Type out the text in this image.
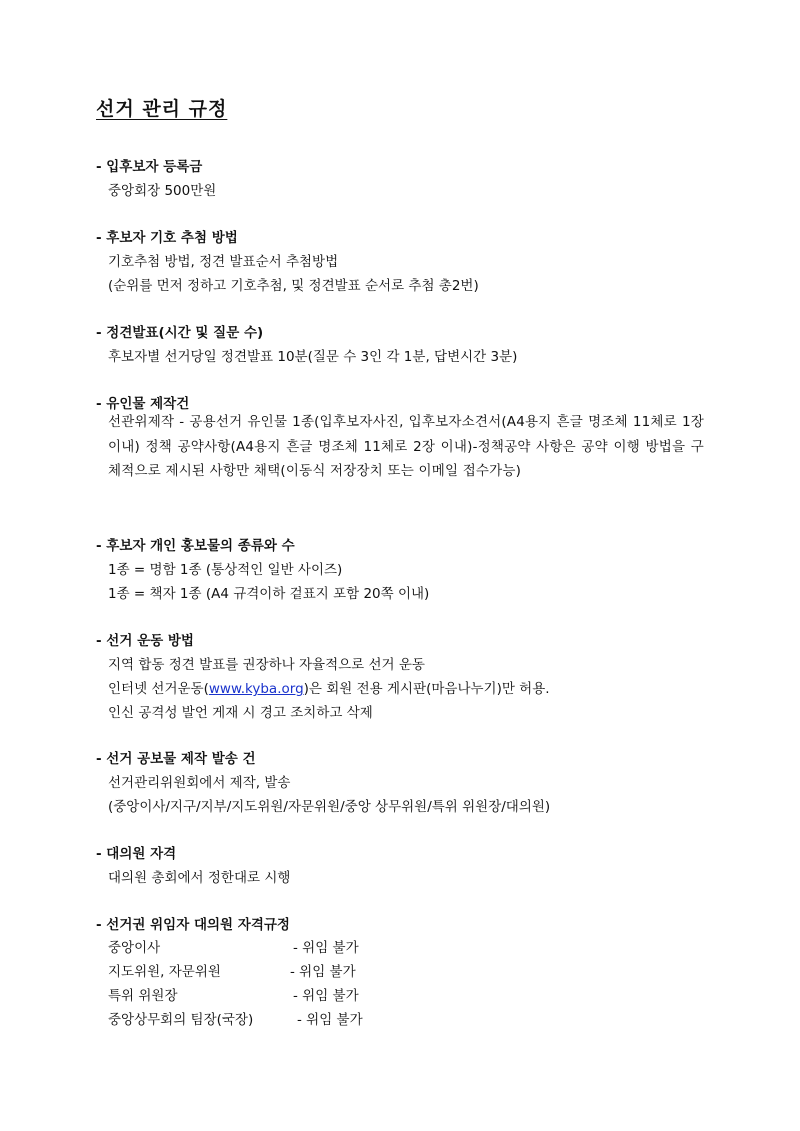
선거 관리 규정
- 입후보자 등록금
중앙회장 500만원
- 후보자 기호 추첨 방법
기호추첨 방법, 정견 발표순서 추첨방법
(순위를 먼저 정하고 기호추첨, 및 정견발표 순서로 추첨 총2번)
- 정견발표(시간 및 질문 수)
후보자별 선거당일 정견발표 10분(질문 수 3인 각 1분, 답변시간 3분)
- 유인물 제작건

선관위제작 - 공용선거 유인물 1종(입후보자사진, 입후보자소견서(A4용지 흔글 명조체 11체로 1장 이내) 정책 공약사항(A4용지 흔글 명조체 11체로 2장 이내)-정책공약 사항은 공약 이행 방법을 구체적으로 제시된 사항만 채택(이동식 저장장치 또는 이메일 접수가능)

- 후보자 개인 홍보물의 종류와 수
1종 = 명함 1종 (통상적인 일반 사이즈)
1종 = 책자 1종 (A4 규격이하 겉표지 포함 20쪽 이내)
- 선거 운동 방법
지역 합동 정견 발표를 권장하나 자율적으로 선거 운동
인터넷 선거운동(www.kyba.org)은 회원 전용 게시판(마음나누기)만 허용.
인신 공격성 발언 게재 시 경고 조치하고 삭제
- 선거 공보물 제작 발송 건
선거관리위원회에서 제작, 발송
(중앙이사/지구/지부/지도위원/자문위원/중앙 상무위원/특위 위원장/대의원)
- 대의원 자격
대의원 총회에서 정한대로 시행
- 선거권 위임자 대의원 자격규정
중앙이사	- 위임 불가
지도위원, 자문위원	- 위임 불가
특위 위원장	- 위임 불가
중앙상무회의 팀장(국장)	- 위임 불가
